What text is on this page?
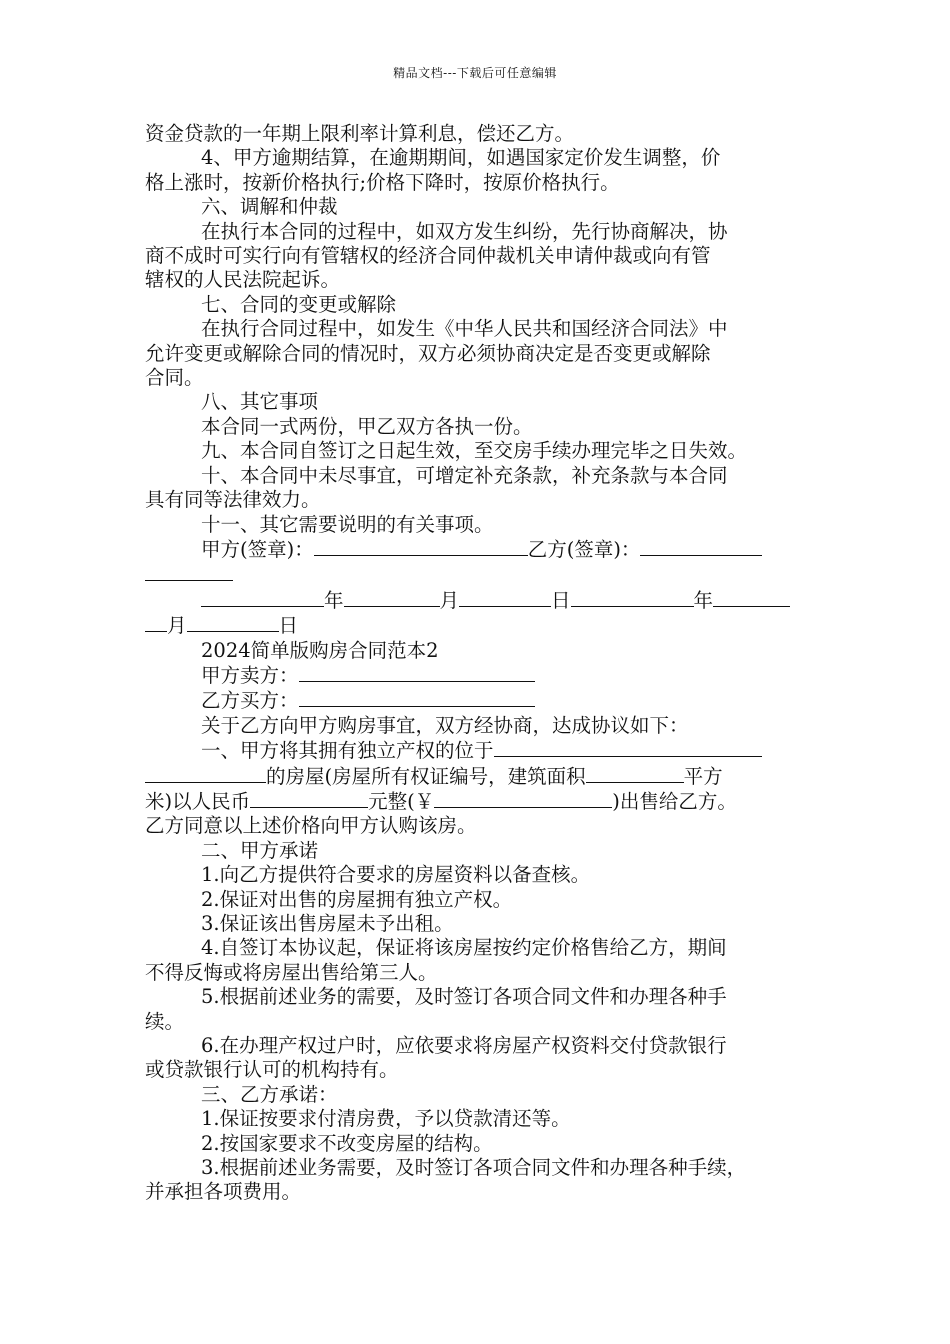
精品文档---下载后可任意编辑

资金贷款的一年期上限利率计算利息，偿还乙方。

4、甲方逾期结算，在逾期期间，如遇国家定价发生调整，价

格上涨时，按新价格执行;价格下降时，按原价格执行。

六、调解和仲裁

在执行本合同的过程中，如双方发生纠纷，先行协商解决，协

商不成时可实行向有管辖权的经济合同仲裁机关申请仲裁或向有管

辖权的人民法院起诉。

七、合同的变更或解除

在执行合同过程中，如发生《中华人民共和国经济合同法》中

允许变更或解除合同的情况时，双方必须协商决定是否变更或解除

合同。

八、其它事项

本合同一式两份，甲乙双方各执一份。

九、本合同自签订之日起生效，至交房手续办理完毕之日失效。

十、本合同中未尽事宜，可增定补充条款，补充条款与本合同

具有同等法律效力。

十一、其它需要说明的有关事项。

甲方(签章)：	乙方(签章)：

年	月	日	年

月	日

2024简单版购房合同范本2

甲方卖方：

乙方买方：

关于乙方向甲方购房事宜，双方经协商，达成协议如下：

一、甲方将其拥有独立产权的位于

的房屋(房屋所有权证编号，建筑面积	平方

米)以人民币	元整(￥	)出售给乙方。

乙方同意以上述价格向甲方认购该房。

二、甲方承诺

1.向乙方提供符合要求的房屋资料以备查核。

2.保证对出售的房屋拥有独立产权。

3.保证该出售房屋未予出租。

4.自签订本协议起，保证将该房屋按约定价格售给乙方，期间

不得反悔或将房屋出售给第三人。

5.根据前述业务的需要，及时签订各项合同文件和办理各种手

续。

6.在办理产权过户时，应依要求将房屋产权资料交付贷款银行

或贷款银行认可的机构持有。

三、乙方承诺：

1.保证按要求付清房费，予以贷款清还等。

2.按国家要求不改变房屋的结构。

3.根据前述业务需要，及时签订各项合同文件和办理各种手续，

并承担各项费用。
